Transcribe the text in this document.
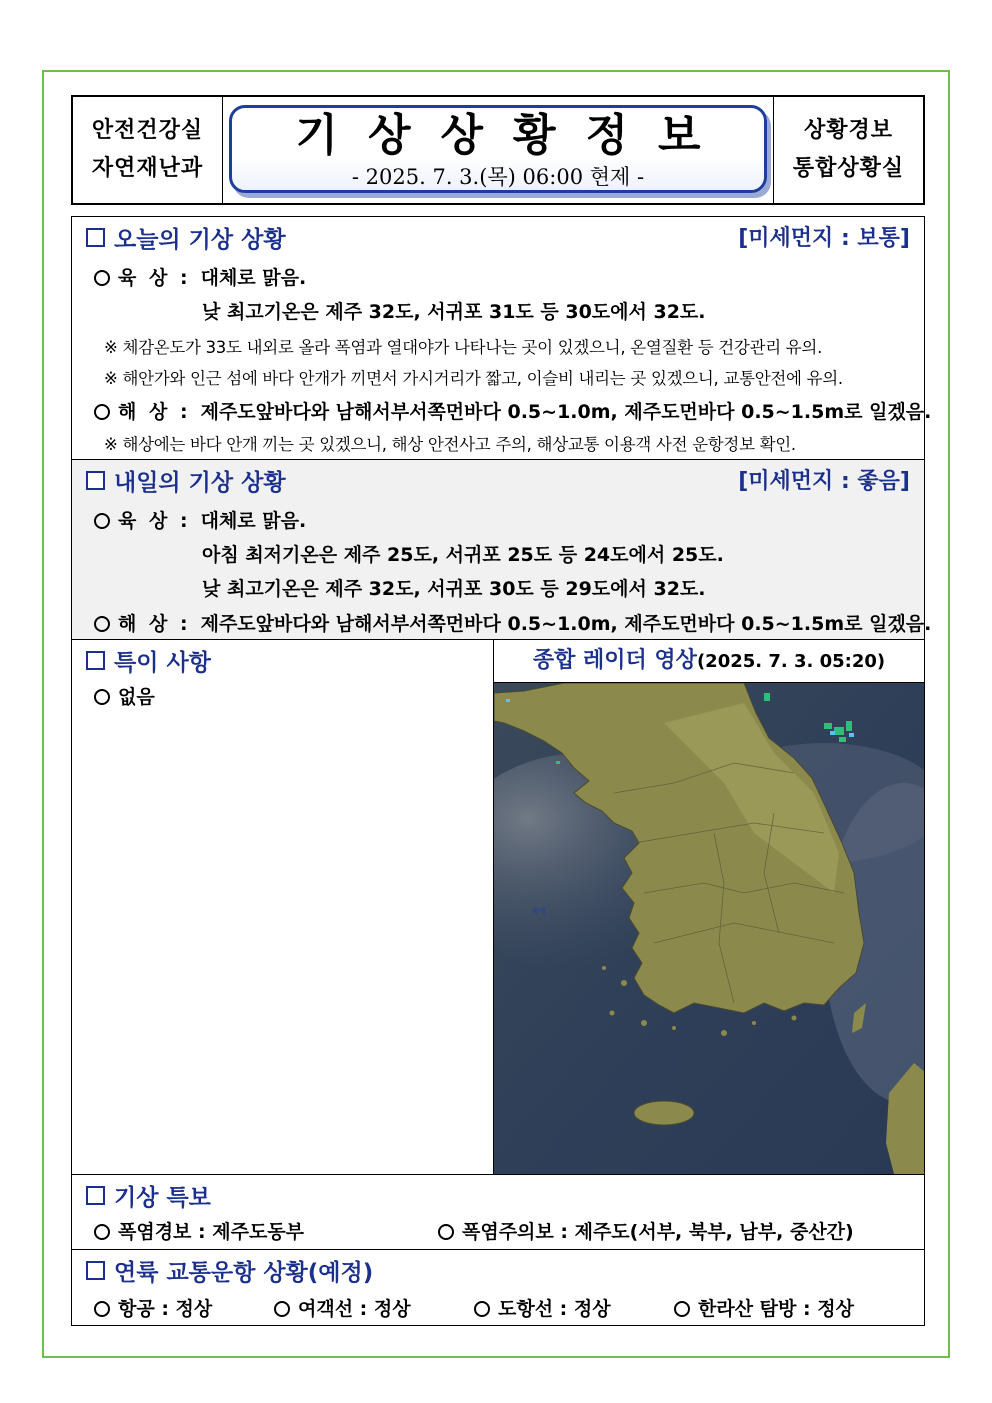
안전건강실
자연재난과
기상상황정보
- 2025. 7. 3.(목) 06:00 현제 -
상황경보
통합상황실
오늘의 기상 상황	[미세먼지 : 보통]
육 상 : 대체로 맑음.
낮 최고기온은 제주 32도, 서귀포 31도 등 30도에서 32도.
※ 체감온도가 33도 내외로 올라 폭염과 열대야가 나타나는 곳이 있겠으니, 온열질환 등 건강관리 유의.
※ 해안가와 인근 섬에 바다 안개가 끼면서 가시거리가 짧고, 이슬비 내리는 곳 있겠으니, 교통안전에 유의.
해 상 : 제주도앞바다와 남해서부서쪽먼바다 0.5~1.0m, 제주도먼바다 0.5~1.5m로 일겠음.
※ 해상에는 바다 안개 끼는 곳 있겠으니, 해상 안전사고 주의, 해상교통 이용객 사전 운항정보 확인.
내일의 기상 상황	[미세먼지 : 좋음]
육 상 : 대체로 맑음.
아침 최저기온은 제주 25도, 서귀포 25도 등 24도에서 25도.
낮 최고기온은 제주 32도, 서귀포 30도 등 29도에서 32도.
해 상 : 제주도앞바다와 남해서부서쪽먼바다 0.5~1.0m, 제주도먼바다 0.5~1.5m로 일겠음.
특이 사항
없음
종합 레이더 영상(2025. 7. 3. 05:20)
황해
기상 특보
폭염경보 : 제주도동부	폭염주의보 : 제주도(서부, 북부, 남부, 중산간)
연륙 교통운항 상황(예정)
항공 : 정상	여객선 : 정상	도항선 : 정상	한라산 탐방 : 정상
